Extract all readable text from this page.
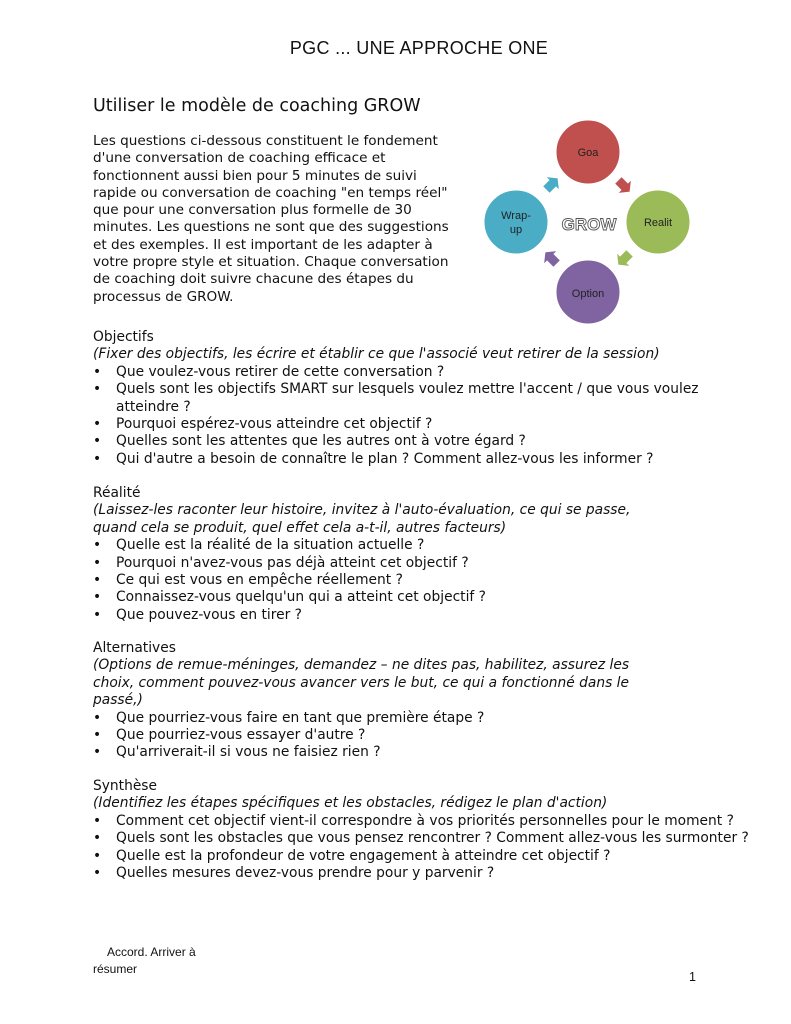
PGC ... UNE APPROCHE ONE
Utiliser le modèle de coaching GROW
Les questions ci-dessous constituent le fondement d'une conversation de coaching efficace et fonctionnent aussi bien pour 5 minutes de suivi rapide ou conversation de coaching "en temps réel" que pour une conversation plus formelle de 30 minutes. Les questions ne sont que des suggestions et des exemples. Il est important de les adapter à votre propre style et situation. Chaque conversation de coaching doit suivre chacune des étapes du processus de GROW.
Goa
Realit
Option
Wrap-
up GROW
Objectifs
(Fixer des objectifs, les écrire et établir ce que l'associé veut retirer de la session)
• Que voulez-vous retirer de cette conversation ?
• Quels sont les objectifs SMART sur lesquels voulez mettre l'accent / que vous voulez atteindre ?
• Pourquoi espérez-vous atteindre cet objectif ?
• Quelles sont les attentes que les autres ont à votre égard ?
• Qui d'autre a besoin de connaître le plan ? Comment allez-vous les informer ?
Réalité
(Laissez-les raconter leur histoire, invitez à l'auto-évaluation, ce qui se passe, quand cela se produit, quel effet cela a-t-il, autres facteurs)
• Quelle est la réalité de la situation actuelle ?
• Pourquoi n'avez-vous pas déjà atteint cet objectif ?
• Ce qui est vous en empêche réellement ?
• Connaissez-vous quelqu'un qui a atteint cet objectif ?
• Que pouvez-vous en tirer ?
Alternatives
(Options de remue-méninges, demandez – ne dites pas, habilitez, assurez les choix, comment pouvez-vous avancer vers le but, ce qui a fonctionné dans le passé,)
• Que pourriez-vous faire en tant que première étape ?
• Que pourriez-vous essayer d'autre ?
• Qu'arriverait-il si vous ne faisiez rien ?
Synthèse
(Identifiez les étapes spécifiques et les obstacles, rédigez le plan d'action)
• Comment cet objectif vient-il correspondre à vos priorités personnelles pour le moment ?
• Quels sont les obstacles que vous pensez rencontrer ? Comment allez-vous les surmonter ?
• Quelle est la profondeur de votre engagement à atteindre cet objectif ?
• Quelles mesures devez-vous prendre pour y parvenir ?
Accord. Arriver à résumer
1
